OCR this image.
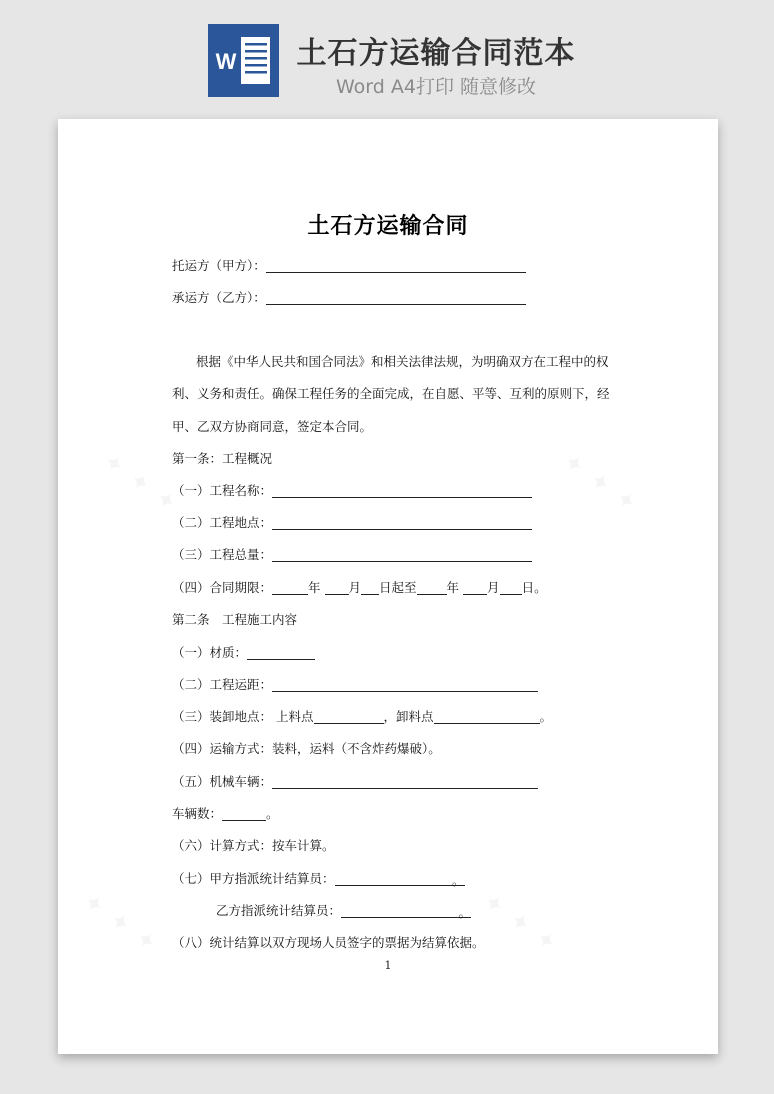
W 土石方运输合同范本
Word A4打印 随意修改
土石方运输合同
托运方（甲方）：
承运方（乙方）：
根据《中华人民共和国合同法》和相关法律法规，为明确双方在工程中的权
利、义务和责任。确保工程任务的全面完成，在自愿、平等、互利的原则下，经
甲、乙双方协商同意，签定本合同。
第一条：工程概况
（一）工程名称：
（二）工程地点：
（三）工程总量：
（四）合同期限：	年 月 日起至 年 月 日。
第二条　工程施工内容
（一）材质：
（二）工程运距：
（三）装卸地点： 上料点	，卸料点	。
（四）运输方式：装料，运料（不含炸药爆破）。
（五）机械车辆：
车辆数：	。
（六）计算方式：按车计算。
（七）甲方指派统计结算员：	。
乙方指派统计结算员：	。
（八）统计结算以双方现场人员签字的票据为结算依据。
1
